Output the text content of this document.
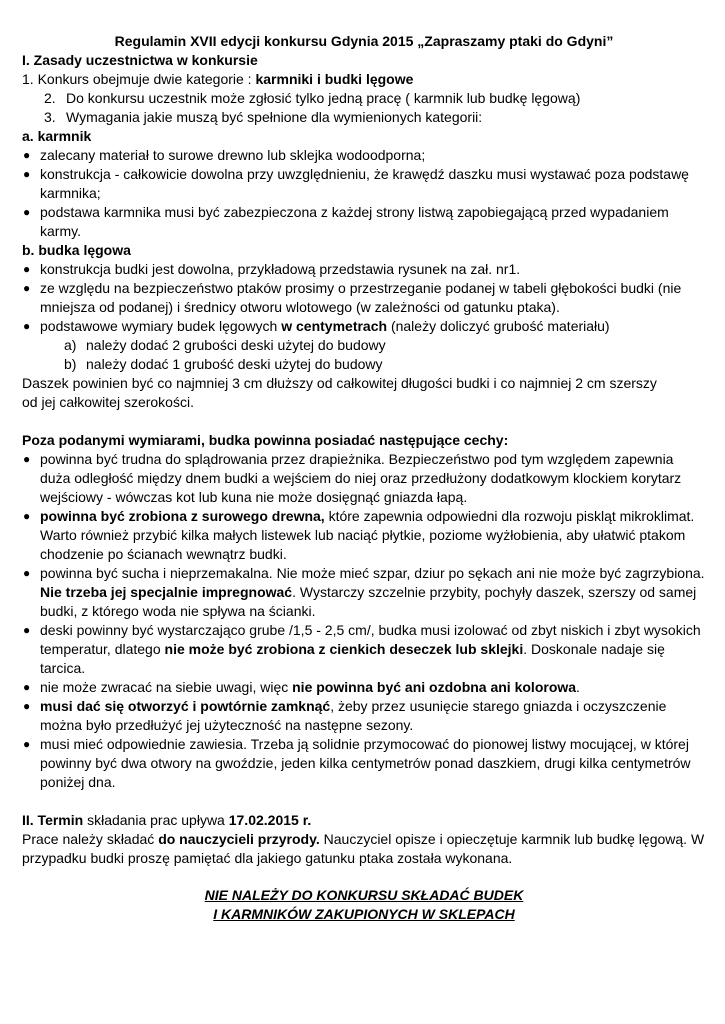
Regulamin XVII edycji konkursu Gdynia 2015 „Zapraszamy ptaki do Gdyni”

I. Zasady uczestnictwa w konkursie

1. Konkurs obejmuje dwie kategorie : karmniki i budki lęgowe

2. Do konkursu uczestnik może zgłosić tylko jedną pracę ( karmnik lub budkę lęgową)

3. Wymagania jakie muszą być spełnione dla wymienionych kategorii:

a. karmnik

● zalecany materiał to surowe drewno lub sklejka wodoodporna;
● konstrukcja - całkowicie dowolna przy uwzględnieniu, że krawędź daszku musi wystawać poza podstawę karmnika;
● podstawa karmnika musi być zabezpieczona z każdej strony listwą zapobiegającą przed wypadaniem karmy.

b. budka lęgowa

● konstrukcja budki jest dowolna, przykładową przedstawia rysunek na zał. nr1.
● ze względu na bezpieczeństwo ptaków prosimy o przestrzeganie podanej w tabeli głębokości budki (nie mniejsza od podanej) i średnicy otworu wlotowego (w zależności od gatunku ptaka).
● podstawowe wymiary budek lęgowych w centymetrach (należy doliczyć grubość materiału)

a) należy dodać 2 grubości deski użytej do budowy

b) należy dodać 1 grubość deski użytej do budowy

Daszek powinien być co najmniej 3 cm dłuższy od całkowitej długości budki i co najmniej 2 cm szerszy

od jej całkowitej szerokości.

Poza podanymi wymiarami, budka powinna posiadać następujące cechy:

● powinna być trudna do splądrowania przez drapieżnika. Bezpieczeństwo pod tym względem zapewnia duża odległość między dnem budki a wejściem do niej oraz przedłużony dodatkowym klockiem korytarz wejściowy - wówczas kot lub kuna nie może dosięgnąć gniazda łapą.
● powinna być zrobiona z surowego drewna, które zapewnia odpowiedni dla rozwoju piskląt mikroklimat. Warto również przybić kilka małych listewek lub naciąć płytkie, poziome wyżłobienia, aby ułatwić ptakom chodzenie po ścianach wewnątrz budki.
● powinna być sucha i nieprzemakalna. Nie może mieć szpar, dziur po sękach ani nie może być zagrzybiona. Nie trzeba jej specjalnie impregnować. Wystarczy szczelnie przybity, pochyły daszek, szerszy od samej budki, z którego woda nie spływa na ścianki.
● deski powinny być wystarczająco grube /1,5 - 2,5 cm/, budka musi izolować od zbyt niskich i zbyt wysokich temperatur, dlatego nie może być zrobiona z cienkich deseczek lub sklejki. Doskonale nadaje się tarcica.
● nie może zwracać na siebie uwagi, więc nie powinna być ani ozdobna ani kolorowa.
● musi dać się otworzyć i powtórnie zamknąć, żeby przez usunięcie starego gniazda i oczyszczenie można było przedłużyć jej użyteczność na następne sezony.
● musi mieć odpowiednie zawiesia. Trzeba ją solidnie przymocować do pionowej listwy mocującej, w której powinny być dwa otwory na gwoździe, jeden kilka centymetrów ponad daszkiem, drugi kilka centymetrów poniżej dna.

II. Termin składania prac upływa 17.02.2015 r.

Prace należy składać do nauczycieli przyrody. Nauczyciel opisze i opieczętuje karmnik lub budkę lęgową. W przypadku budki proszę pamiętać dla jakiego gatunku ptaka została wykonana.

NIE NALEŻY DO KONKURSU SKŁADAĆ BUDEK
I KARMNIKÓW ZAKUPIONYCH W SKLEPACH
